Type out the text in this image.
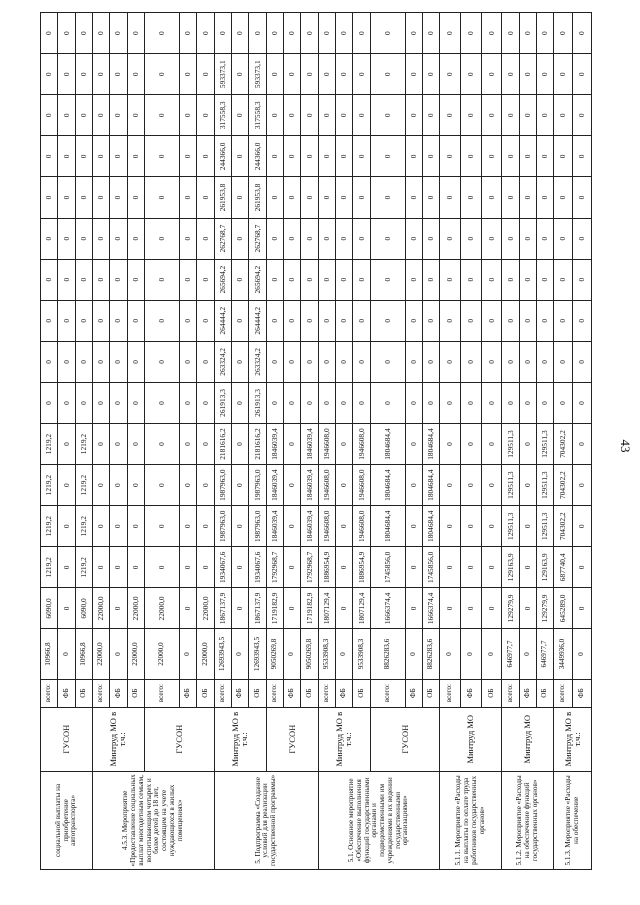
43
социальной выплаты на приобретение автотранспорта»	ГУСОН	всего:	10966,8	6090,0	1219,2	1219,2	1219,2	1219,2	0	0	0	0	0	0	0	0	0	0
		ФБ	0	0	0	0	0	0	0	0	0	0	0	0	0	0	0	0
		ОБ	10966,8	6090,0	1219,2	1219,2	1219,2	1219,2	0	0	0	0	0	0	0	0	0	0
4.5.3. Мероприятие «Предоставление социальных выплат многодетным семьям, воспитывающим четырех и более детей до 18 лет, состоящим на учете нуждающихся в жилых помещениях»	Минтруд МО в т.ч.:	всего:	22000,0	22000,0	0	0	0	0	0	0	0	0	0	0	0	0	0	0
		ФБ	0	0	0	0	0	0	0	0	0	0	0	0	0	0	0	0
		ОБ	22000,0	22000,0	0	0	0	0	0	0	0	0	0	0	0	0	0	0
	ГУСОН	всего:	22000,0	22000,0	0	0	0	0	0	0	0	0	0	0	0	0	0	0
		ФБ	0	0	0	0	0	0	0	0	0	0	0	0	0	0	0	0
		ОБ	22000,0	22000,0	0	0	0	0	0	0	0	0	0	0	0	0	0	0
5. Подпрограмма «Создание условий для реализации государственной программы»	Минтруд МО в т.ч.:	всего:	12693943,5	1867137,9	1934067,6	1987963,0	1987963,0	2181616,2	261913,3	263324,2	264444,2	265694,2	262768,7	261953,8	244366,0	317558,3	593373,1	0
		ФБ	0	0	0	0	0	0	0	0	0	0	0	0	0	0	0	0
		ОБ	12693943,5	1867137,9	1934067,6	1987963,0	1987963,0	2181616,2	261913,3	263324,2	264444,2	265694,2	262768,7	261953,8	244366,0	317558,3	593373,1	0
	ГУСОН	всего:	9050269,8	1719182,9	1792968,7	1846039,4	1846039,4	1846039,4	0	0	0	0	0	0	0	0	0	0
		ФБ	0	0	0	0	0	0	0	0	0	0	0	0	0	0	0	0
		ОБ	9050269,8	1719182,9	1792968,7	1846039,4	1846039,4	1846039,4	0	0	0	0	0	0	0	0	0	0
5.1. Основное мероприятие «Обеспечение выполнения функций государственными органами и подведомственными им учреждениями в их ведении государственными организациями»	Минтруд МО в т.ч.:	всего:	9533908,3	1807129,4	1886954,9	1946608,0	1946608,0	1946608,0	0	0	0	0	0	0	0	0	0	0
		ФБ	0	0	0	0	0	0	0	0	0	0	0	0	0	0	0	0
		ОБ	9533908,3	1807129,4	1886954,9	1946608,0	1946608,0	1946608,0	0	0	0	0	0	0	0	0	0	0
	ГУСОН	всего:	8826283,6	1666374,4	1745856,0	1804684,4	1804684,4	1804684,4	0	0	0	0	0	0	0	0	0	0
		ФБ	0	0	0	0	0	0	0	0	0	0	0	0	0	0	0	0
		ОБ	8826283,6	1666374,4	1745856,0	1804684,4	1804684,4	1804684,4	0	0	0	0	0	0	0	0	0	0
5.1.1. Мероприятие «Расходы на выплаты по оплате труда работников государственных органов»	Минтруд МО	всего:	0	0	0	0	0	0	0	0	0	0	0	0	0	0	0	0
		ФБ	0	0	0	0	0	0	0	0	0	0	0	0	0	0	0	0
		ОБ	0	0	0	0	0	0	0	0	0	0	0	0	0	0	0	0
5.1.2. Мероприятие «Расходы на обеспечение функций государственных органов»	Минтруд МО	всего:	646977,7	129279,9	129163,9	129511,3	129511,3	129511,3	0	0	0	0	0	0	0	0	0	0
		ФБ	0	0	0	0	0	0	0	0	0	0	0	0	0	0	0	0
		ОБ	646977,7	129279,9	129163,9	129511,3	129511,3	129511,3	0	0	0	0	0	0	0	0	0	0
5.1.3. Мероприятие «Расходы на обеспечение	Минтруд МО в т.ч.:	всего:	3449936,0	645289,0	687740,4	704302,2	704302,2	704302,2	0	0	0	0	0	0	0	0	0	0
		ФБ	0	0	0	0	0	0	0	0	0	0	0	0	0	0	0	0
